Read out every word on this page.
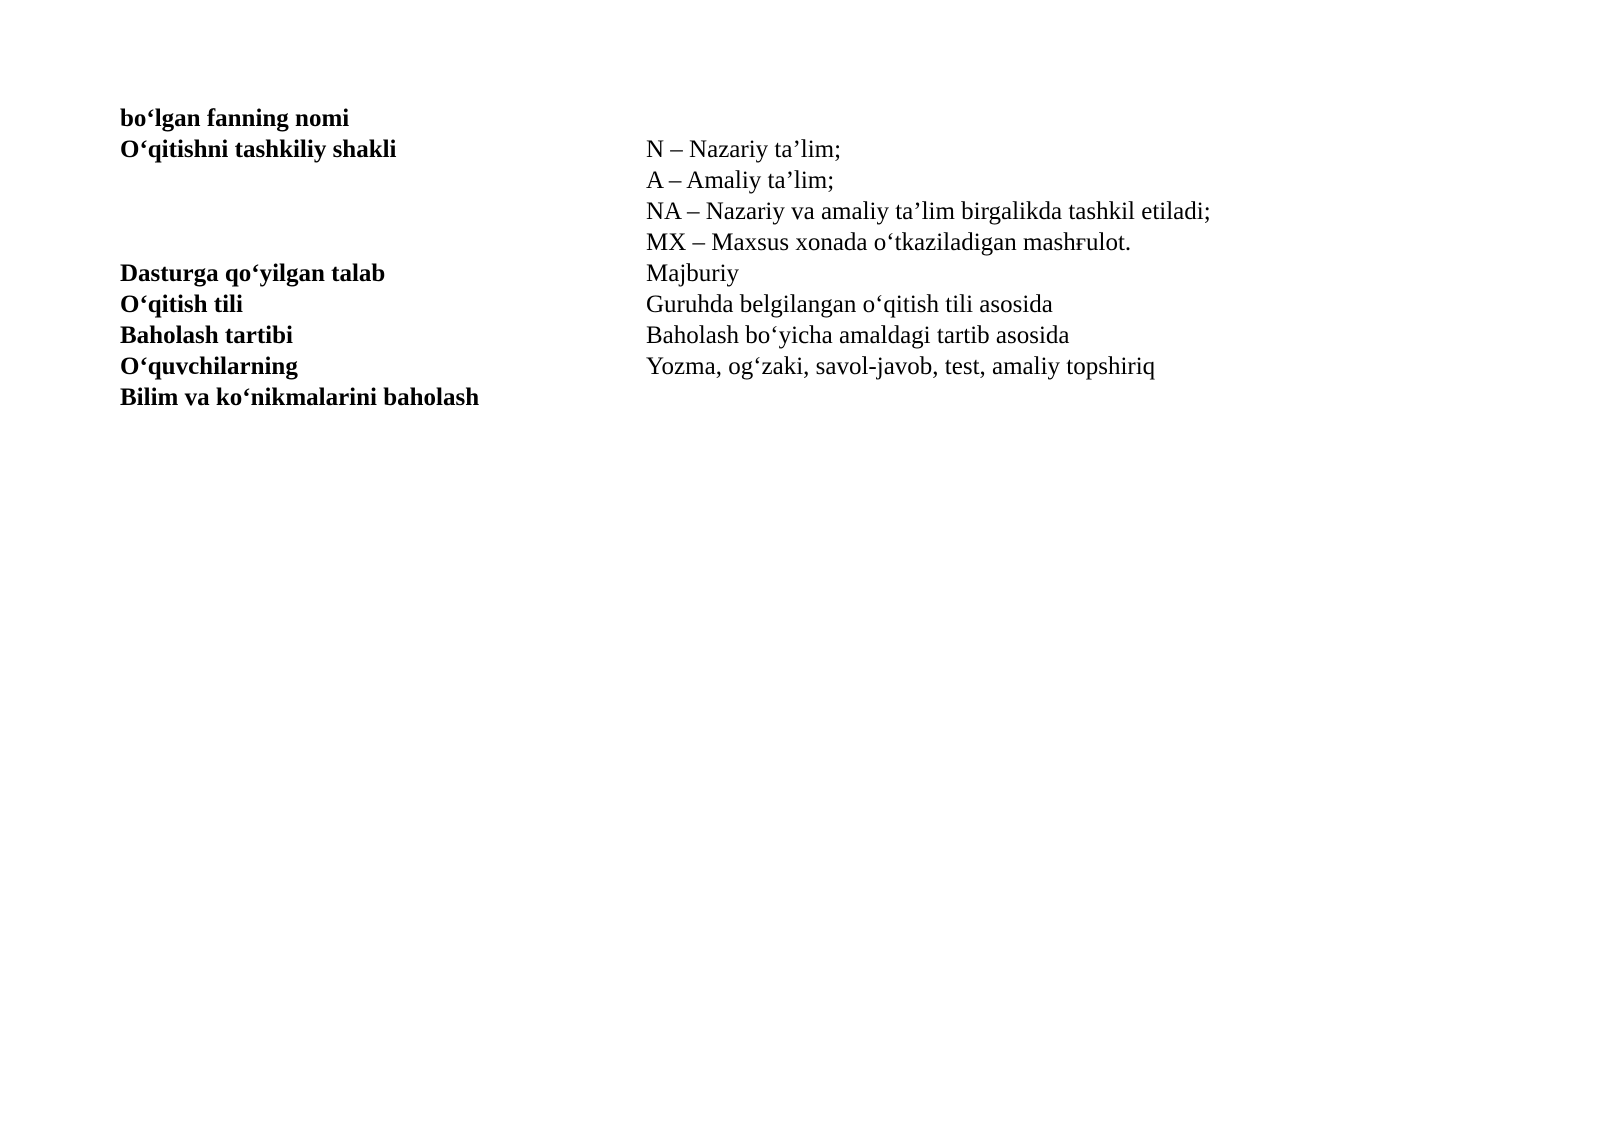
bo‘lgan fanning nomi
O‘qitishni tashkiliy shakli	N – Nazariy ta’lim;
A – Amaliy ta’lim;
NA – Nazariy va amaliy ta’lim birgalikda tashkil etiladi;
MX – Maxsus xonada o‘tkaziladigan mashғulot.
Dasturga qo‘yilgan talab	Majburiy
O‘qitish tili	Guruhda belgilangan o‘qitish tili asosida
Baholash tartibi	Baholash bo‘yicha amaldagi tartib asosida
O‘quvchilarning	Yozma, og‘zaki, savol-javob, test, amaliy topshiriq
Bilim va ko‘nikmalarini baholash
